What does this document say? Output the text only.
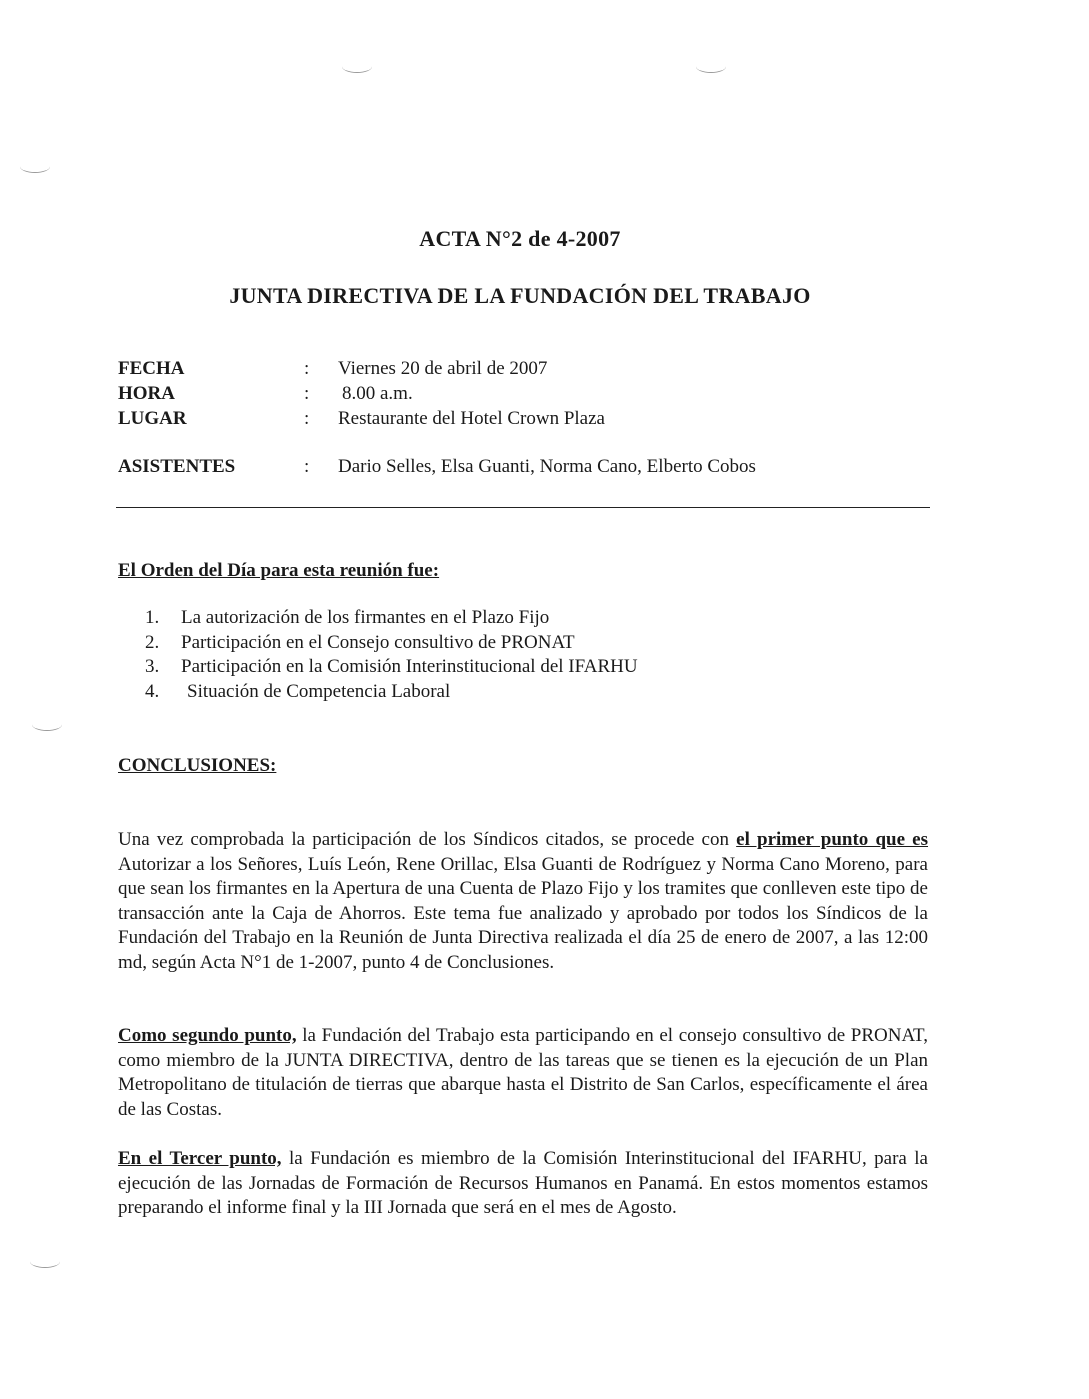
ACTA N°2 de 4-2007
JUNTA DIRECTIVA DE LA FUNDACIÓN DEL TRABAJO
FECHA	: Viernes 20 de abril de 2007
HORA	: 8.00 a.m.
LUGAR	: Restaurante del Hotel Crown Plaza
ASISTENTES	: Dario Selles, Elsa Guanti, Norma Cano, Elberto Cobos
El Orden del Día para esta reunión fue:
1. La autorización de los firmantes en el Plazo Fijo
2. Participación en el Consejo consultivo de PRONAT
3. Participación en la Comisión Interinstitucional del IFARHU
4. Situación de Competencia Laboral
CONCLUSIONES:

Una vez comprobada la participación de los Síndicos citados, se procede con el primer punto que es Autorizar a los Señores, Luís León, Rene Orillac, Elsa Guanti de Rodríguez y Norma Cano Moreno, para que sean los firmantes en la Apertura de una Cuenta de Plazo Fijo y los tramites que conlleven este tipo de transacción ante la Caja de Ahorros. Este tema fue analizado y aprobado por todos los Síndicos de la Fundación del Trabajo en la Reunión de Junta Directiva realizada el día 25 de enero de 2007, a las 12:00 md, según Acta N°1 de 1-2007, punto 4 de Conclusiones.

Como segundo punto, la Fundación del Trabajo esta participando en el consejo consultivo de PRONAT, como miembro de la JUNTA DIRECTIVA, dentro de las tareas que se tienen es la ejecución de un Plan Metropolitano de titulación de tierras que abarque hasta el Distrito de San Carlos, específicamente el área de las Costas.

En el Tercer punto, la Fundación es miembro de la Comisión Interinstitucional del IFARHU, para la ejecución de las Jornadas de Formación de Recursos Humanos en Panamá. En estos momentos estamos preparando el informe final y la III Jornada que será en el mes de Agosto.
